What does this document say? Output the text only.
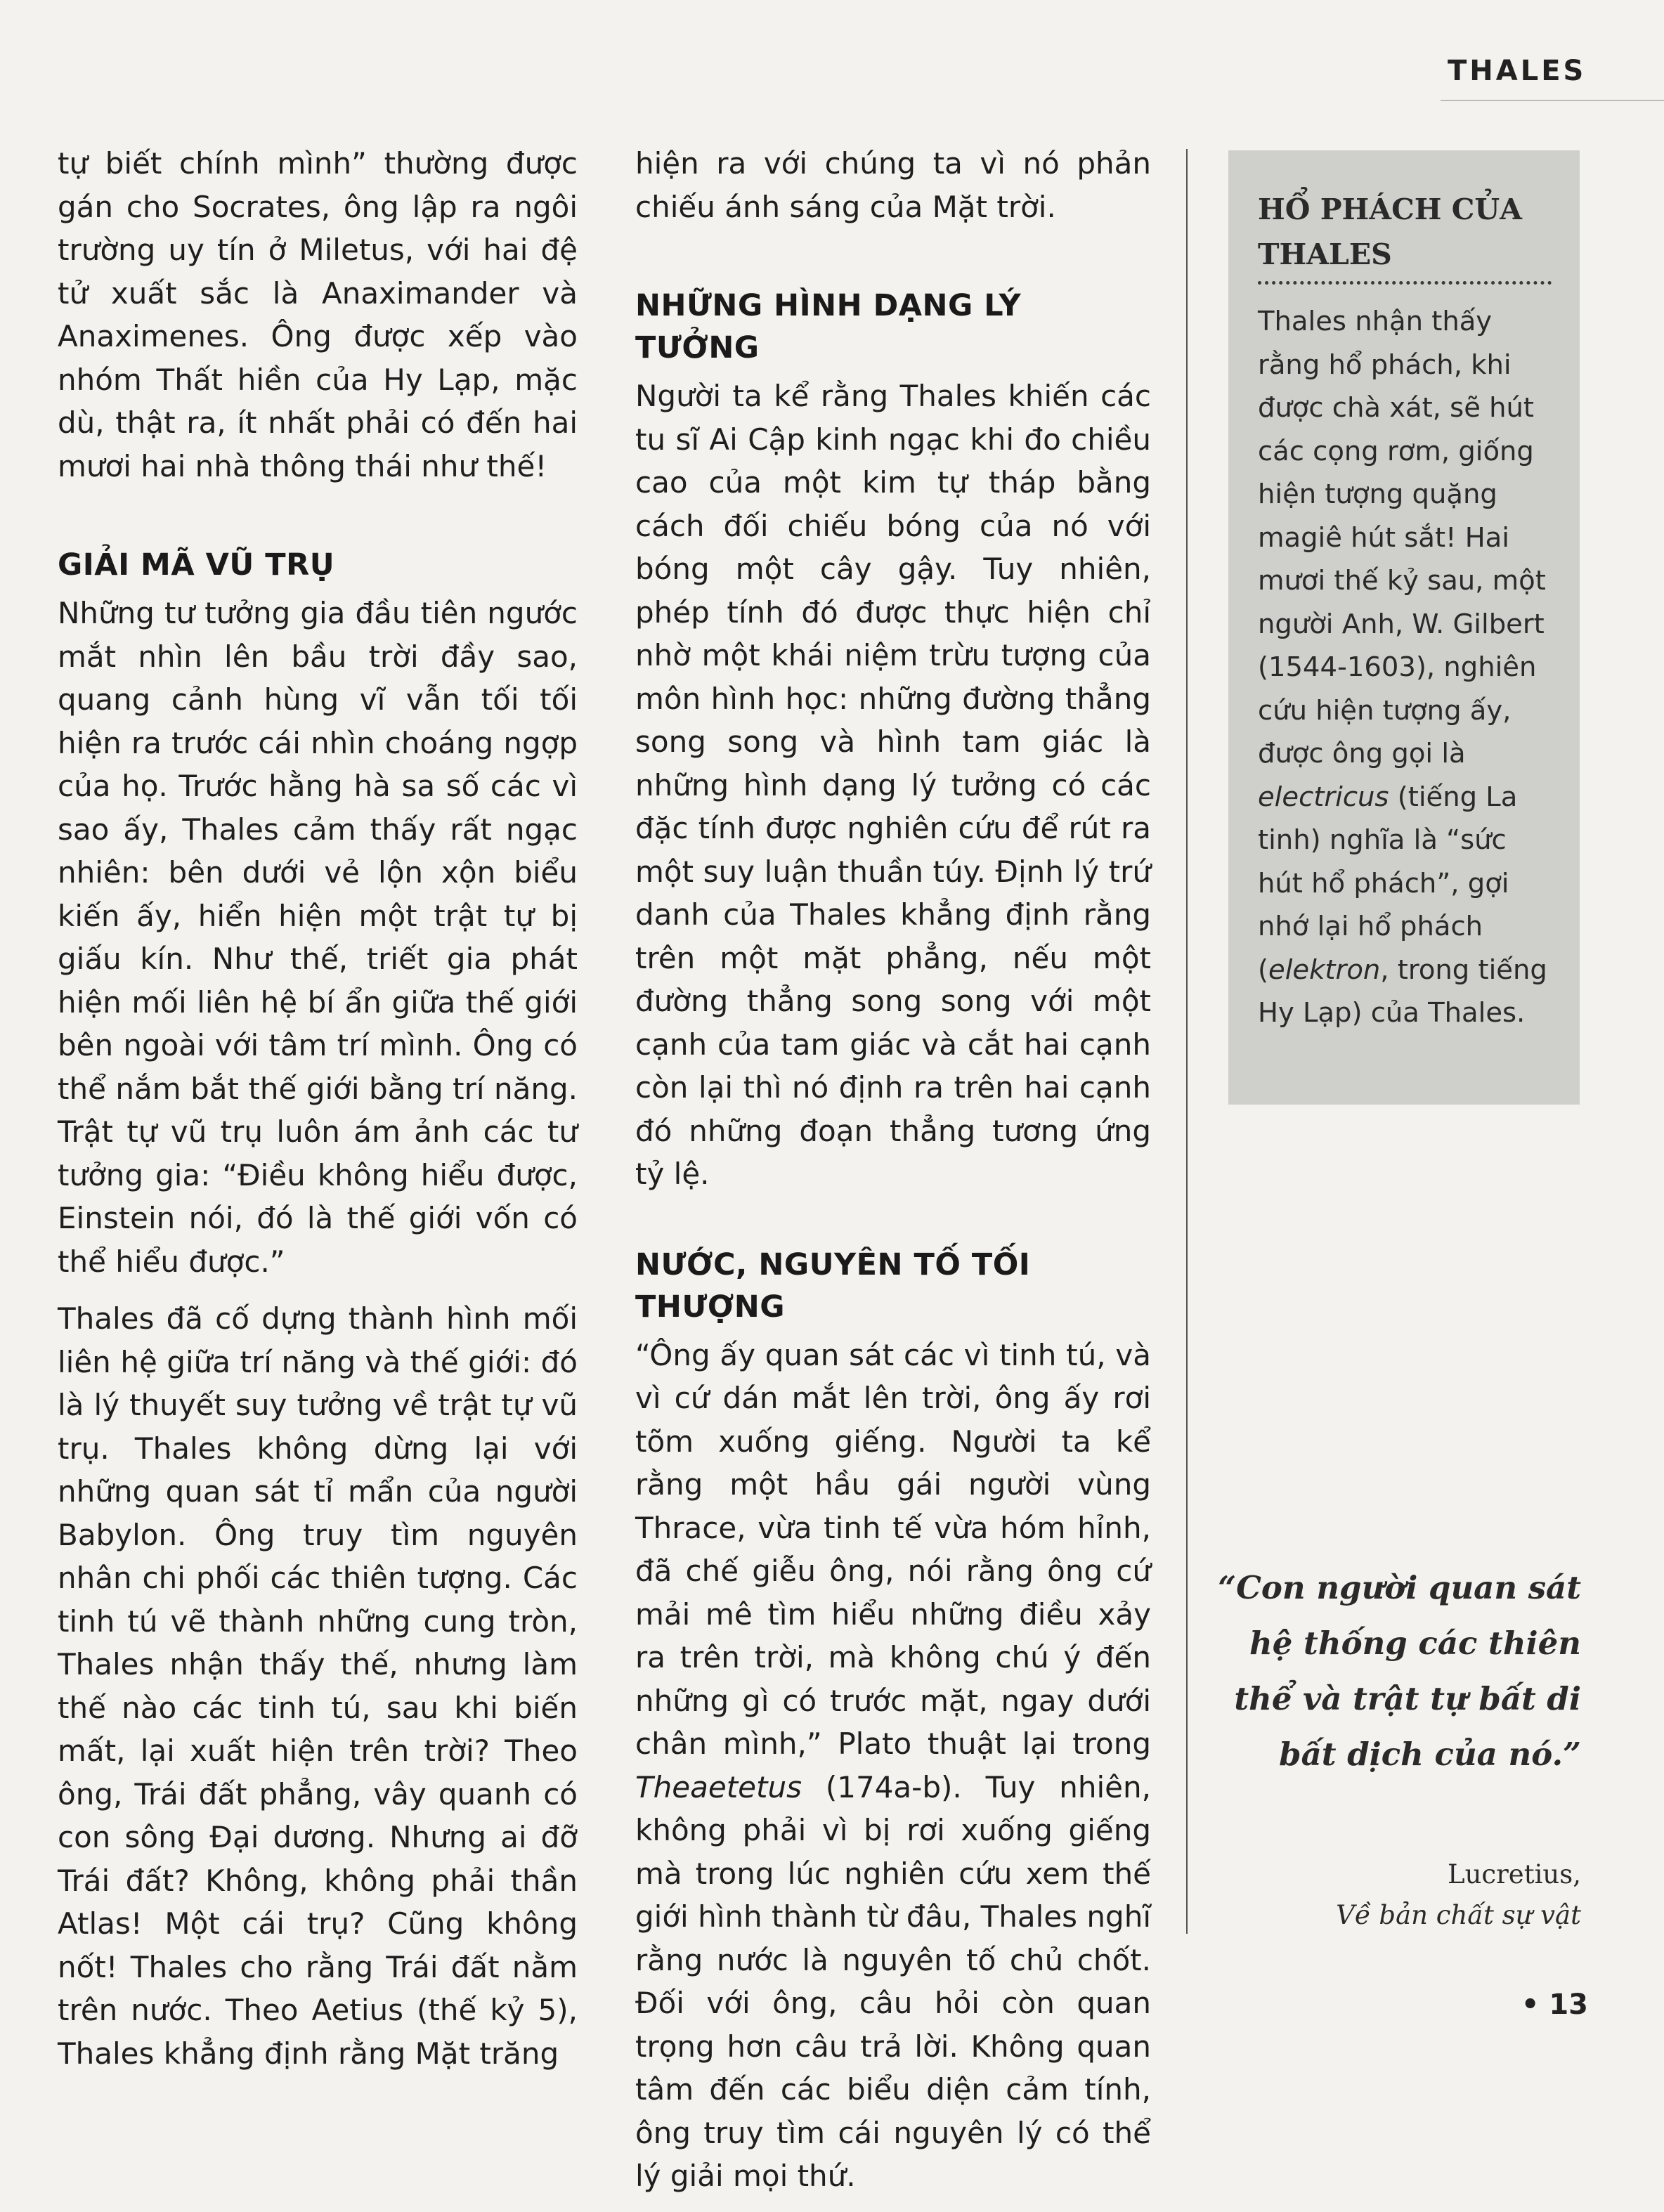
THALES

tự biết chính mình” thường được gán cho Socrates, ông lập ra ngôi trường uy tín ở Miletus, với hai đệ tử xuất sắc là Anaximander và Anaximenes. Ông được xếp vào nhóm Thất hiền của Hy Lạp, mặc dù, thật ra, ít nhất phải có đến hai mươi hai nhà thông thái như thế!

GIẢI MÃ VŨ TRỤ

Những tư tưởng gia đầu tiên ngước mắt nhìn lên bầu trời đầy sao, quang cảnh hùng vĩ vẫn tối tối hiện ra trước cái nhìn choáng ngợp của họ. Trước hằng hà sa số các vì sao ấy, Thales cảm thấy rất ngạc nhiên: bên dưới vẻ lộn xộn biểu kiến ấy, hiển hiện một trật tự bị giấu kín. Như thế, triết gia phát hiện mối liên hệ bí ẩn giữa thế giới bên ngoài với tâm trí mình. Ông có thể nắm bắt thế giới bằng trí năng. Trật tự vũ trụ luôn ám ảnh các tư tưởng gia: “Điều không hiểu được, Einstein nói, đó là thế giới vốn có thể hiểu được.”

Thales đã cố dựng thành hình mối liên hệ giữa trí năng và thế giới: đó là lý thuyết suy tưởng về trật tự vũ trụ. Thales không dừng lại với những quan sát tỉ mẩn của người Babylon. Ông truy tìm nguyên nhân chi phối các thiên tượng. Các tinh tú vẽ thành những cung tròn, Thales nhận thấy thế, nhưng làm thế nào các tinh tú, sau khi biến mất, lại xuất hiện trên trời? Theo ông, Trái đất phẳng, vây quanh có con sông Đại dương. Nhưng ai đỡ Trái đất? Không, không phải thần Atlas! Một cái trụ? Cũng không nốt! Thales cho rằng Trái đất nằm trên nước. Theo Aetius (thế kỷ 5), Thales khẳng định rằng Mặt trăng

hiện ra với chúng ta vì nó phản chiếu ánh sáng của Mặt trời.

NHỮNG HÌNH DẠNG LÝ TƯỞNG

Người ta kể rằng Thales khiến các tu sĩ Ai Cập kinh ngạc khi đo chiều cao của một kim tự tháp bằng cách đối chiếu bóng của nó với bóng một cây gậy. Tuy nhiên, phép tính đó được thực hiện chỉ nhờ một khái niệm trừu tượng của môn hình học: những đường thẳng song song và hình tam giác là những hình dạng lý tưởng có các đặc tính được nghiên cứu để rút ra một suy luận thuần túy. Định lý trứ danh của Thales khẳng định rằng trên một mặt phẳng, nếu một đường thẳng song song với một cạnh của tam giác và cắt hai cạnh còn lại thì nó định ra trên hai cạnh đó những đoạn thẳng tương ứng tỷ lệ.

NƯỚC, NGUYÊN TỐ TỐI THƯỢNG

“Ông ấy quan sát các vì tinh tú, và vì cứ dán mắt lên trời, ông ấy rơi tõm xuống giếng. Người ta kể rằng một hầu gái người vùng Thrace, vừa tinh tế vừa hóm hỉnh, đã chế giễu ông, nói rằng ông cứ mải mê tìm hiểu những điều xảy ra trên trời, mà không chú ý đến những gì có trước mặt, ngay dưới chân mình,” Plato thuật lại trong Theaetetus (174a-b). Tuy nhiên, không phải vì bị rơi xuống giếng mà trong lúc nghiên cứu xem thế giới hình thành từ đâu, Thales nghĩ rằng nước là nguyên tố chủ chốt. Đối với ông, câu hỏi còn quan trọng hơn câu trả lời. Không quan tâm đến các biểu diện cảm tính, ông truy tìm cái nguyên lý có thể lý giải mọi thứ.

HỔ PHÁCH CỦA THALES

Thales nhận thấy rằng hổ phách, khi được chà xát, sẽ hút các cọng rơm, giống hiện tượng quặng magiê hút sắt! Hai mươi thế kỷ sau, một người Anh, W. Gilbert (1544-1603), nghiên cứu hiện tượng ấy, được ông gọi là electricus (tiếng La tinh) nghĩa là “sức hút hổ phách”, gợi nhớ lại hổ phách (elektron, trong tiếng Hy Lạp) của Thales.

“Con người quan sát hệ thống các thiên thể và trật tự bất di bất dịch của nó.”
Lucretius,
Về bản chất sự vật
• 13
